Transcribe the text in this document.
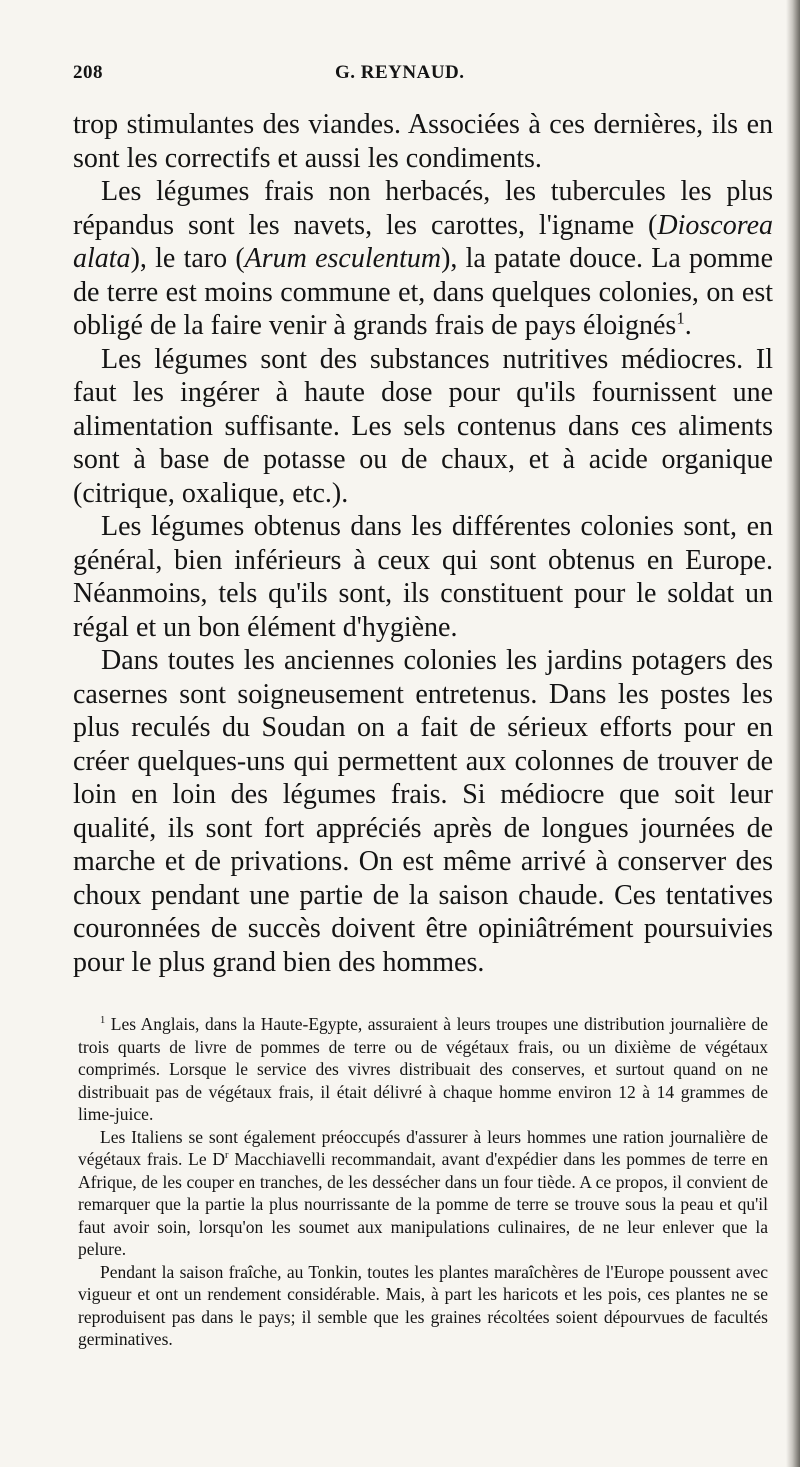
208	G. REYNAUD.

trop stimulantes des viandes. Associées à ces dernières, ils en sont les correctifs et aussi les condiments.

Les légumes frais non herbacés, les tubercules les plus répandus sont les navets, les carottes, l'igname (Dioscorea alata), le taro (Arum esculentum), la patate douce. La pomme de terre est moins commune et, dans quelques colonies, on est obligé de la faire venir à grands frais de pays éloignés$^1$.

Les légumes sont des substances nutritives médiocres. Il faut les ingérer à haute dose pour qu'ils fournissent une alimentation suffisante. Les sels contenus dans ces aliments sont à base de potasse ou de chaux, et à acide organique (citrique, oxalique, etc.).

Les légumes obtenus dans les différentes colonies sont, en général, bien inférieurs à ceux qui sont obtenus en Europe. Néanmoins, tels qu'ils sont, ils constituent pour le soldat un régal et un bon élément d'hygiène.

Dans toutes les anciennes colonies les jardins potagers des casernes sont soigneusement entretenus. Dans les postes les plus reculés du Soudan on a fait de sérieux efforts pour en créer quelques-uns qui permettent aux colonnes de trouver de loin en loin des légumes frais. Si médiocre que soit leur qualité, ils sont fort appréciés après de longues journées de marche et de privations. On est même arrivé à conserver des choux pendant une partie de la saison chaude. Ces tentatives couronnées de succès doivent être opiniâtrément poursuivies pour le plus grand bien des hommes.

$^1$ Les Anglais, dans la Haute-Egypte, assuraient à leurs troupes une distribution journalière de trois quarts de livre de pommes de terre ou de végétaux frais, ou un dixième de végétaux comprimés. Lorsque le service des vivres distribuait des conserves, et surtout quand on ne distribuait pas de végétaux frais, il était délivré à chaque homme environ 12 à 14 grammes de lime-juice.

Les Italiens se sont également préoccupés d'assurer à leurs hommes une ration journalière de végétaux frais. Le $D^r$ Macchiavelli recommandait, avant d'expédier dans les pommes de terre en Afrique, de les couper en tranches, de les dessécher dans un four tiède. A ce propos, il convient de remarquer que la partie la plus nourrissante de la pomme de terre se trouve sous la peau et qu'il faut avoir soin, lorsqu'on les soumet aux manipulations culinaires, de ne leur enlever que la pelure.

Pendant la saison fraîche, au Tonkin, toutes les plantes maraîchères de l'Europe poussent avec vigueur et ont un rendement considérable. Mais, à part les haricots et les pois, ces plantes ne se reproduisent pas dans le pays; il semble que les graines récoltées soient dépourvues de facultés germinatives.
